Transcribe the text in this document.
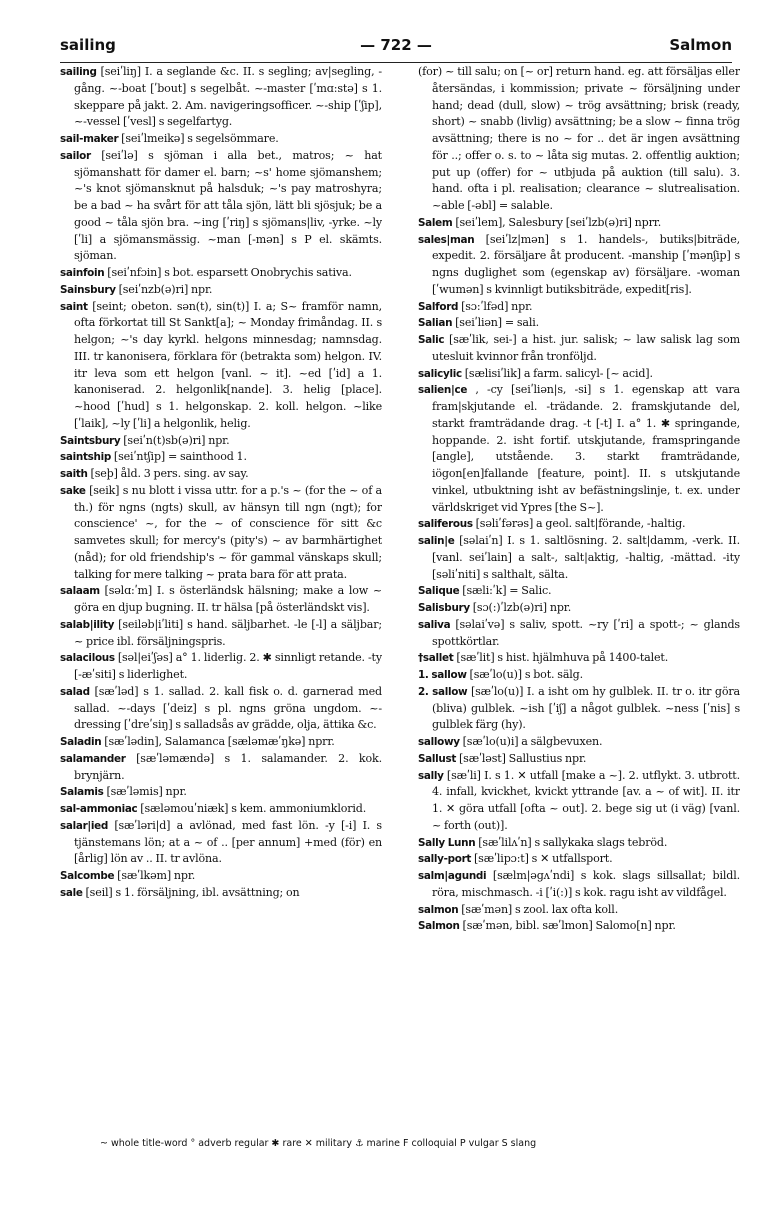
sailing	— 722 —	Salmon

sailing [seiʹliŋ] I. a seglande &c. II. s segling; av|segling, -gång. ~-boat [ʹbout] s segelbåt. ~-master [ʹmɑ:stə] s 1. skeppare på jakt. 2. Am. navigeringsofficer. ~-ship [ʹʃip], ~-vessel [ʹvesl] s segelfartyg.

sail-maker [seiʹlmeikə] s segelsömmare.

sailor [seiʹlə] s sjöman i alla bet., matros; ~ hat sjömanshatt för damer el. barn; ~s' home sjömanshem; ~'s knot sjömansknut på halsduk; ~'s pay matroshyra; be a bad ~ ha svårt för att tåla sjön, lätt bli sjösjuk; be a good ~ tåla sjön bra. ~ing [ʹriŋ] s sjömans|liv, -yrke. ~ly [ʹli] a sjömansmässig. ~man [-mən] s P el. skämts. sjöman.

sainfoin [seiʹnfɔin] s bot. esparsett Onobrychis sativa.

Sainsbury [seiʹnzb(ə)ri] npr.

saint [seint; obeton. sən(t), sin(t)] I. a; S~ framför namn, ofta förkortat till St Sankt[a]; ~ Monday frimåndag. II. s helgon; ~'s day kyrkl. helgons minnesdag; namnsdag. III. tr kanonisera, förklara för (betrakta som) helgon. IV. itr leva som ett helgon [vanl. ~ it]. ~ed [ʹid] a 1. kanoniserad. 2. helgonlik[nande]. 3. helig [place]. ~hood [ʹhud] s 1. helgonskap. 2. koll. helgon. ~like [ʹlaik], ~ly [ʹli] a helgonlik, helig.

Saintsbury [seiʹn(t)sb(ə)ri] npr.

saintship [seiʹntʃip] = sainthood 1.

saith [seþ] åld. 3 pers. sing. av say.

sake [seik] s nu blott i vissa uttr. for a p.'s ~ (for the ~ of a th.) för ngns (ngts) skull, av hänsyn till ngn (ngt); for conscience' ~, for the ~ of conscience för sitt &c samvetes skull; for mercy's (pity's) ~ av barmhärtighet (nåd); for old friendship's ~ för gammal vänskaps skull; talking for mere talking ~ prata bara för att prata.

salaam [səlɑ:ʹm] I. s österländsk hälsning; make a low ~ göra en djup bugning. II. tr hälsa [på österländskt vis].

salab|ility [seiləb|iʹliti] s hand. säljbarhet. -le [-l] a säljbar; ~ price ibl. försäljningspris.

salacilous [səl|eiʹʃəs] a° 1. liderlig. 2. ✱ sinnligt retande. -ty [-æʹsiti] s liderlighet.

salad [sæʹləd] s 1. sallad. 2. kall fisk o. d. garnerad med sallad. ~-days [ʹdeiz] s pl. ngns gröna ungdom. ~-dressing [ʹdreʹsiŋ] s salladsås av grädde, olja, ättika &c.

Saladin [sæʹlədin], Salamanca [sæləmæʹŋkə] nprr.

salamander [sæʹləmændə] s 1. salamander. 2. kok. brynjärn.

Salamis [sæʹləmis] npr.

sal-ammoniac [sæləmouʹniæk] s kem. ammoniumklorid.

salar|ied [sæʹləri|d] a avlönad, med fast lön. -y [-i] I. s tjänstemans lön; at a ~ of .. [per annum] +med (för) en [årlig] lön av .. II. tr avlöna.

Salcombe [sæʹlkəm] npr.

sale [seil] s 1. försäljning, ibl. avsättning; on

(for) ~ till salu; on [~ or] return hand. eg. att försäljas eller återsändas, i kommission; private ~ försäljning under hand; dead (dull, slow) ~ trög avsättning; brisk (ready, short) ~ snabb (livlig) avsättning; be a slow ~ finna trög avsättning; there is no ~ for .. det är ingen avsättning för ..; offer o. s. to ~ låta sig mutas. 2. offentlig auktion; put up (offer) for ~ utbjuda på auktion (till salu). 3. hand. ofta i pl. realisation; clearance ~ slutrealisation. ~able [-əbl] = salable.

Salem [seiʹlem], Salesbury [seiʹlzb(ə)ri] nprr.

sales|man [seiʹlz|mən] s 1. handels-, butiks|biträde, expedit. 2. försäljare åt producent. -manship [ʹmənʃip] s ngns duglighet som (egenskap av) försäljare. -woman [ʹwumən] s kvinnligt butiksbiträde, expedit[ris].

Salford [sɔ:ʹlfəd] npr.

Salian [seiʹliən] = sali.

Salic [sæʹlik, sei-] a hist. jur. salisk; ~ law salisk lag som utesluit kvinnor från tronföljd.

salicylic [sælisiʹlik] a farm. salicyl- [~ acid].

salien|ce , -cy [seiʹliən|s, -si] s 1. egenskap att vara fram|skjutande el. -trädande. 2. framskjutande del, starkt framträdande drag. -t [-t] I. a° 1. ✱ springande, hoppande. 2. isht fortif. utskjutande, framspringande [angle], utstående. 3. starkt framträdande, iögon[en]fallande [feature, point]. II. s utskjutande vinkel, utbuktning isht av befästningslinje, t. ex. under världskriget vid Ypres [the S~].

saliferous [səliʹfərəs] a geol. salt|förande, -haltig.

salin|e [səlaiʹn] I. s 1. saltlösning. 2. salt|damm, -verk. II. [vanl. seiʹlain] a salt-, salt|aktig, -haltig, -mättad. -ity [səliʹniti] s salthalt, sälta.

Salique [sæli:ʹk] = Salic.

Salisbury [sɔ(:)ʹlzb(ə)ri] npr.

saliva [səlaiʹvə] s saliv, spott. ~ry [ʹri] a spott-; ~ glands spottkörtlar.

†sallet [sæʹlit] s hist. hjälmhuva på 1400-talet.

1. sallow [sæʹlo(u)] s bot. sälg.

2. sallow [sæʹlo(u)] I. a isht om hy gulblek. II. tr o. itr göra (bliva) gulblek. ~ish [ʹiʃ] a något gulblek. ~ness [ʹnis] s gulblek färg (hy).

sallowy [sæʹlo(u)i] a sälgbevuxen.

Sallust [sæʹləst] Sallustius npr.

sally [sæʹli] I. s 1. ✕ utfall [make a ~]. 2. utflykt. 3. utbrott. 4. infall, kvickhet, kvickt yttrande [av. a ~ of wit]. II. itr 1. ✕ göra utfall [ofta ~ out]. 2. bege sig ut (i väg) [vanl. ~ forth (out)].

Sally Lunn [sæʹlilʌʹn] s sallykaka slags tebröd.

sally-port [sæʹlipɔ:t] s ✕ utfallsport.

salm|agundi [sælm|əgʌʹndi] s kok. slags sillsallat; bildl. röra, mischmasch. -i [ʹi(:)] s kok. ragu isht av vildfågel.

salmon [sæʹmən] s zool. lax ofta koll.

Salmon [sæʹmən, bibl. sæʹlmon] Salomo[n] npr.

~ whole title-word ° adverb regular ✱ rare ✕ military ⚓ marine F colloquial P vulgar S slang
